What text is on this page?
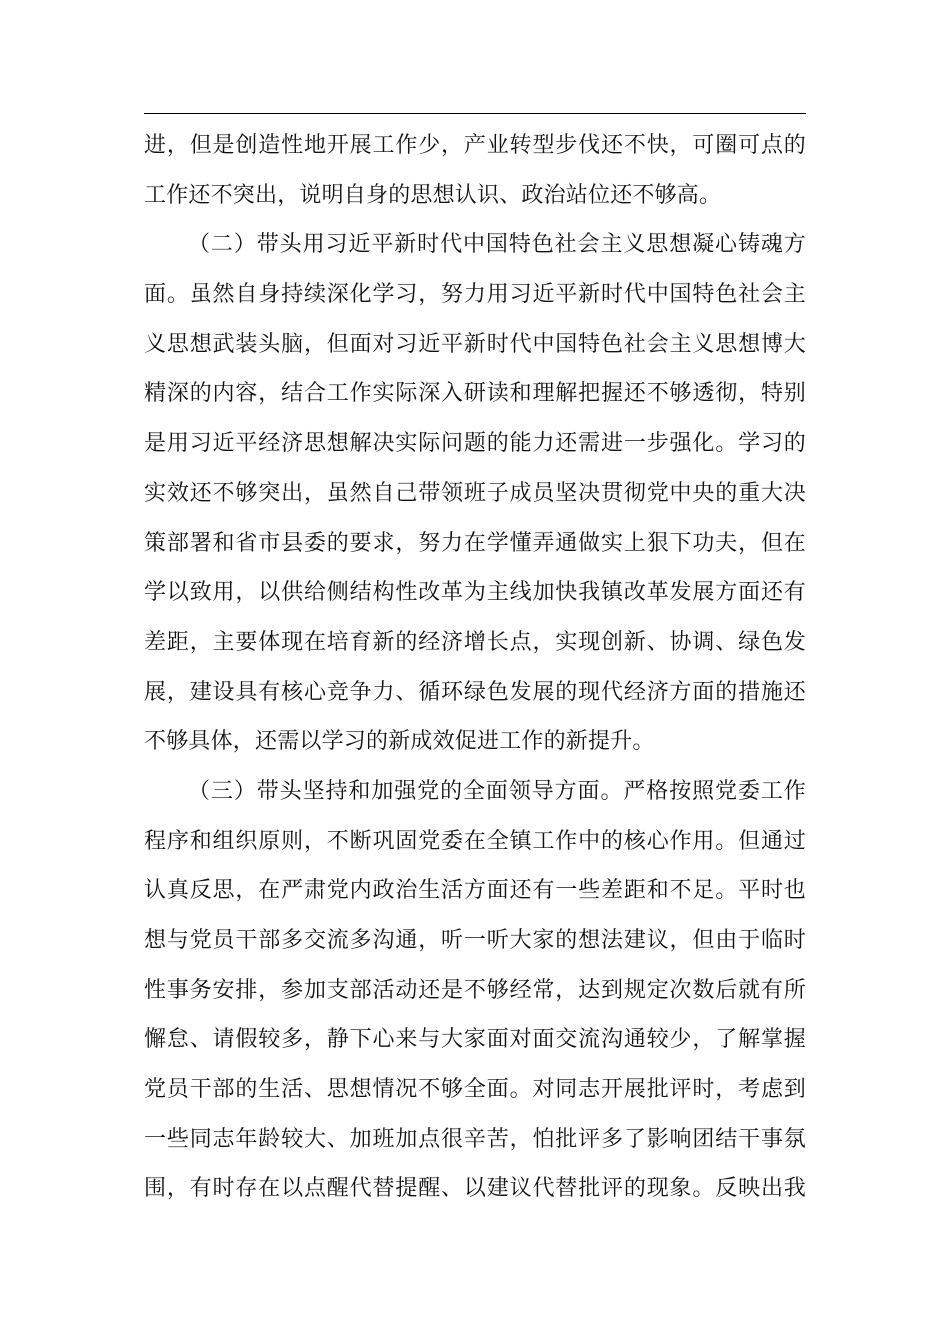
进，但是创造性地开展工作少，产业转型步伐还不快，可圈可点的
工作还不突出，说明自身的思想认识、政治站位还不够高。
（二）带头用习近平新时代中国特色社会主义思想凝心铸魂方
面。虽然自身持续深化学习，努力用习近平新时代中国特色社会主
义思想武装头脑，但面对习近平新时代中国特色社会主义思想博大
精深的内容，结合工作实际深入研读和理解把握还不够透彻，特别
是用习近平经济思想解决实际问题的能力还需进一步强化。学习的
实效还不够突出，虽然自己带领班子成员坚决贯彻党中央的重大决
策部署和省市县委的要求，努力在学懂弄通做实上狠下功夫，但在
学以致用，以供给侧结构性改革为主线加快我镇改革发展方面还有
差距，主要体现在培育新的经济增长点，实现创新、协调、绿色发
展，建设具有核心竞争力、循环绿色发展的现代经济方面的措施还
不够具体，还需以学习的新成效促进工作的新提升。
（三）带头坚持和加强党的全面领导方面。严格按照党委工作
程序和组织原则，不断巩固党委在全镇工作中的核心作用。但通过
认真反思，在严肃党内政治生活方面还有一些差距和不足。平时也
想与党员干部多交流多沟通，听一听大家的想法建议，但由于临时
性事务安排，参加支部活动还是不够经常，达到规定次数后就有所
懈怠、请假较多，静下心来与大家面对面交流沟通较少，了解掌握
党员干部的生活、思想情况不够全面。对同志开展批评时，考虑到
一些同志年龄较大、加班加点很辛苦，怕批评多了影响团结干事氛
围，有时存在以点醒代替提醒、以建议代替批评的现象。反映出我
